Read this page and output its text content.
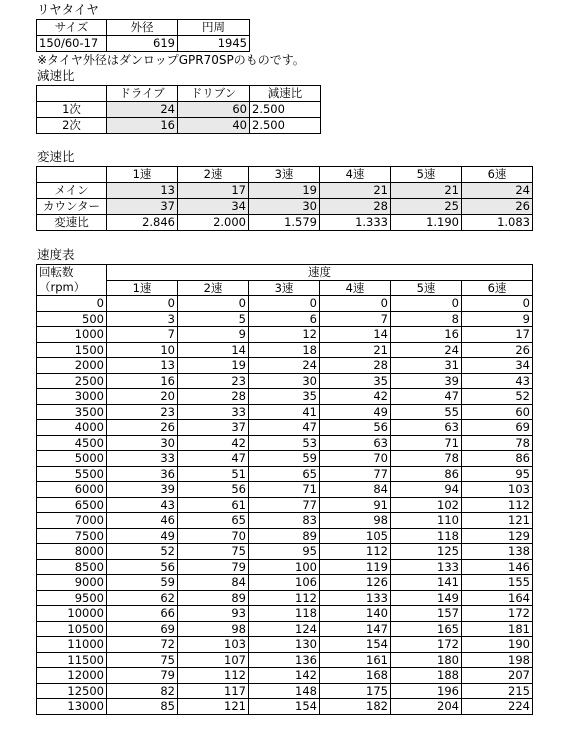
リヤタイヤ
サイズ	外径	円周
150/60-17	619	1945
※タイヤ外径はダンロップGPR70SPのものです。
減速比
	ドライブ	ドリブン	減速比
1次	24	60	2.500
2次	16	40	2.500
変速比
	1速	2速	3速	4速	5速	6速
メイン	13	17	19	21	21	24
カウンター	37	34	30	28	25	26
変速比	2.846	2.000	1.579	1.333	1.190	1.083
速度表
回転数	速度					
（rpm）	1速	2速	3速	4速	5速	6速
0	0	0	0	0	0	0
500	3	5	6	7	8	9
1000	7	9	12	14	16	17
1500	10	14	18	21	24	26
2000	13	19	24	28	31	34
2500	16	23	30	35	39	43
3000	20	28	35	42	47	52
3500	23	33	41	49	55	60
4000	26	37	47	56	63	69
4500	30	42	53	63	71	78
5000	33	47	59	70	78	86
5500	36	51	65	77	86	95
6000	39	56	71	84	94	103
6500	43	61	77	91	102	112
7000	46	65	83	98	110	121
7500	49	70	89	105	118	129
8000	52	75	95	112	125	138
8500	56	79	100	119	133	146
9000	59	84	106	126	141	155
9500	62	89	112	133	149	164
10000	66	93	118	140	157	172
10500	69	98	124	147	165	181
11000	72	103	130	154	172	190
11500	75	107	136	161	180	198
12000	79	112	142	168	188	207
12500	82	117	148	175	196	215
13000	85	121	154	182	204	224
